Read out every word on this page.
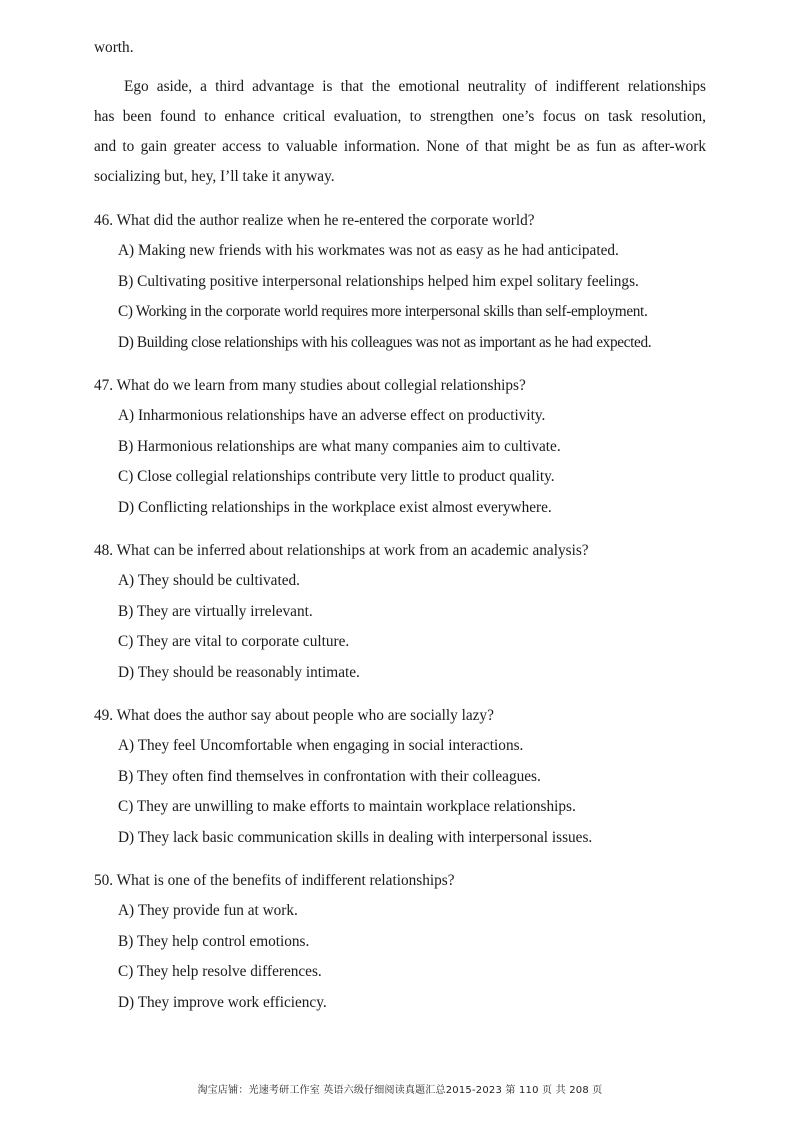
worth.
Ego aside, a third advantage is that the emotional neutrality of indifferent relationships
has been found to enhance critical evaluation, to strengthen one’s focus on task resolution,
and to gain greater access to valuable information. None of that might be as fun as after-work
socializing but, hey, I’ll take it anyway.
46. What did the author realize when he re-entered the corporate world?
A) Making new friends with his workmates was not as easy as he had anticipated.
B) Cultivating positive interpersonal relationships helped him expel solitary feelings.
C) Working in the corporate world requires more interpersonal skills than self-employment.
D) Building close relationships with his colleagues was not as important as he had expected.
47. What do we learn from many studies about collegial relationships?
A) Inharmonious relationships have an adverse effect on productivity.
B) Harmonious relationships are what many companies aim to cultivate.
C) Close collegial relationships contribute very little to product quality.
D) Conflicting relationships in the workplace exist almost everywhere.
48. What can be inferred about relationships at work from an academic analysis?
A) They should be cultivated.
B) They are virtually irrelevant.
C) They are vital to corporate culture.
D) They should be reasonably intimate.
49. What does the author say about people who are socially lazy?
A) They feel Uncomfortable when engaging in social interactions.
B) They often find themselves in confrontation with their colleagues.
C) They are unwilling to make efforts to maintain workplace relationships.
D) They lack basic communication skills in dealing with interpersonal issues.
50. What is one of the benefits of indifferent relationships?
A) They provide fun at work.
B) They help control emotions.
C) They help resolve differences.
D) They improve work efficiency.
淘宝店铺：光速考研工作室 英语六级仔细阅读真题汇总2015-2023 第 110 页 共 208 页
